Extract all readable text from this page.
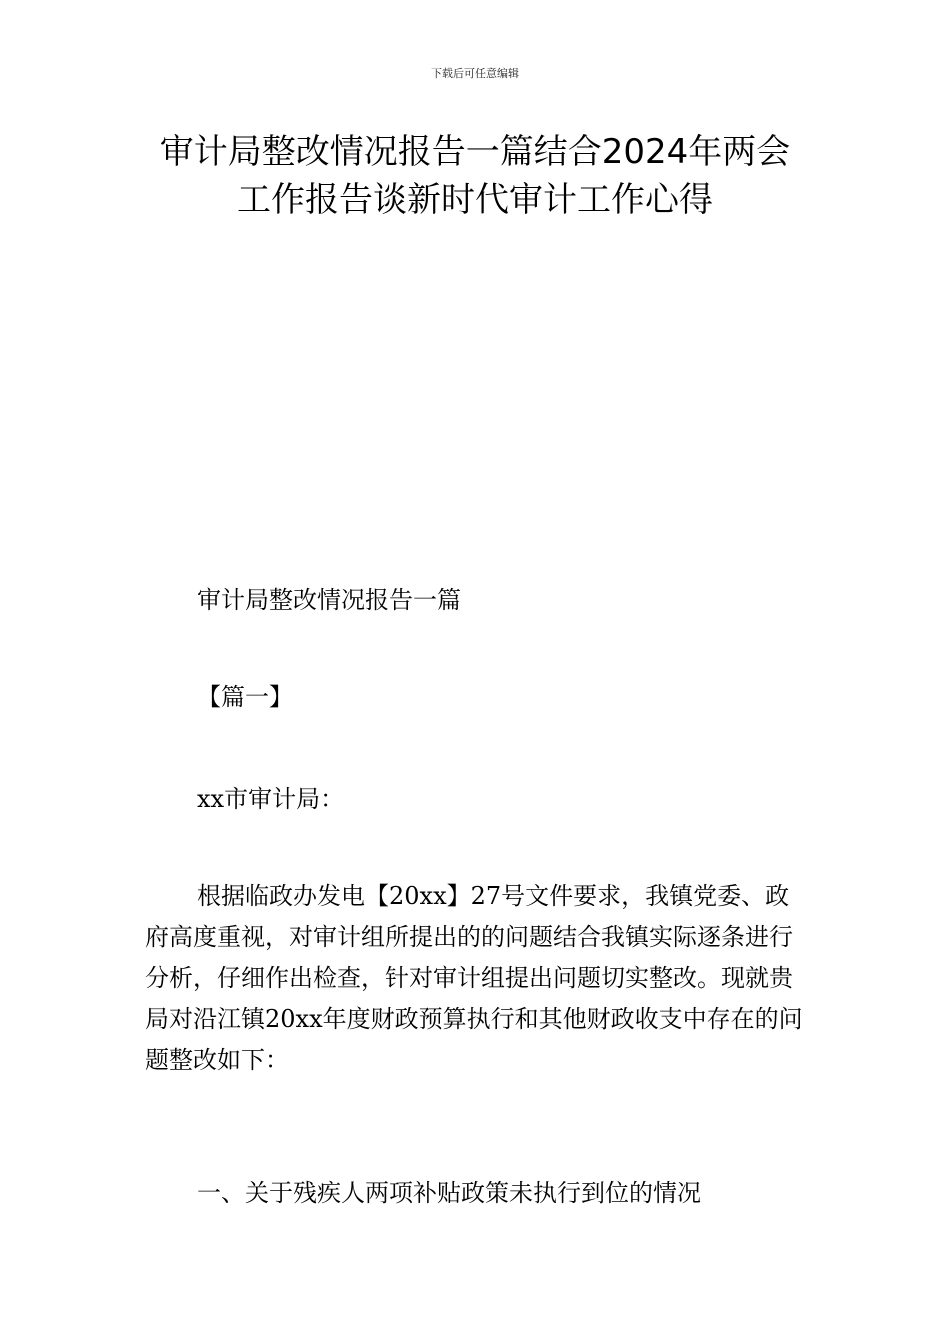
下载后可任意编辑
审计局整改情况报告一篇结合2024年两会
工作报告谈新时代审计工作心得

审计局整改情况报告一篇

【篇一】

xx市审计局：

根据临政办发电【20xx】27号文件要求，我镇党委、政府高度重视，对审计组所提出的的问题结合我镇实际逐条进行分析，仔细作出检查，针对审计组提出问题切实整改。现就贵局对沿江镇20xx年度财政预算执行和其他财政收支中存在的问题整改如下：

一、关于残疾人两项补贴政策未执行到位的情况
